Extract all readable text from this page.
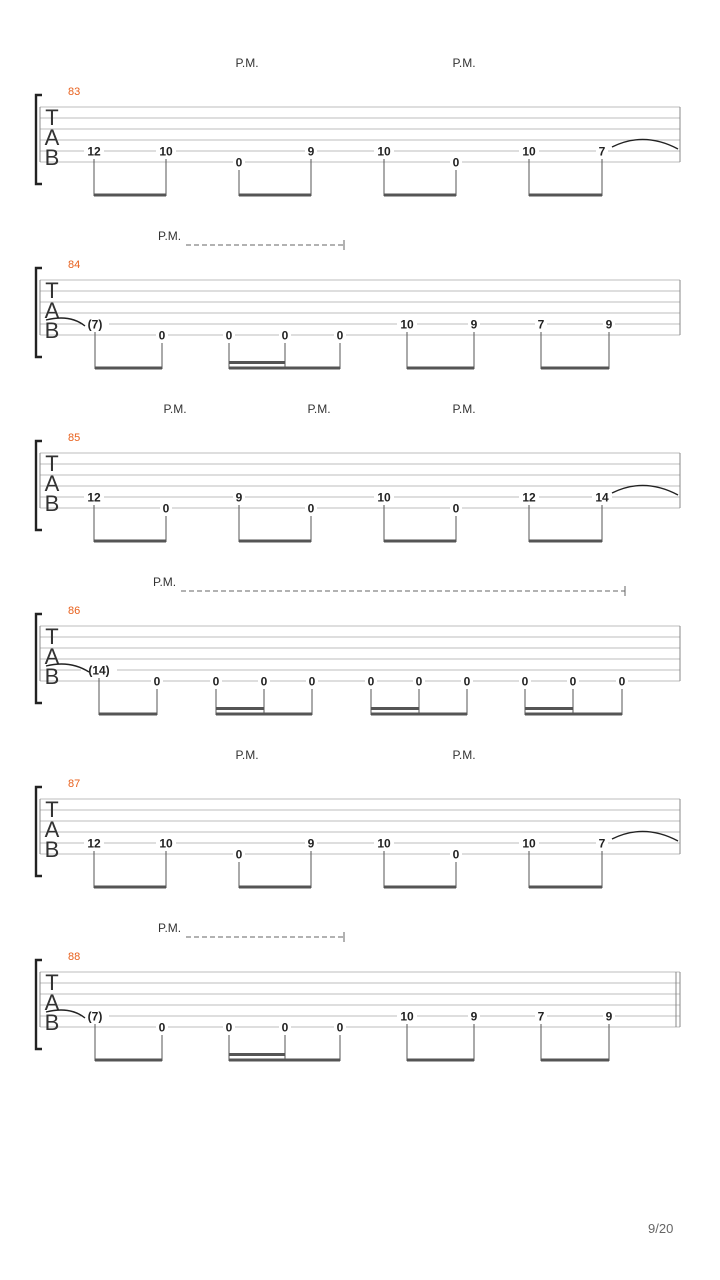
T
A
B
83
12	10
0
9	10
0
10	7
P.M.	P.M.
T
A
B
84
(7)
0	0	0	0
10	9	7	9
P.M.
T
A
B
85
12
0
9
0
10
0
12	14
P.M.	P.M.	P.M.
T
A
B
86
(14)
0	0	0	0	0	0	0	0	0	0
P.M.
T
A
B
87
12	10
0
9	10
0
10	7
P.M.	P.M.
T
A
B
88
(7)
0	0	0	0
10	9	7	9
P.M.
9/20
